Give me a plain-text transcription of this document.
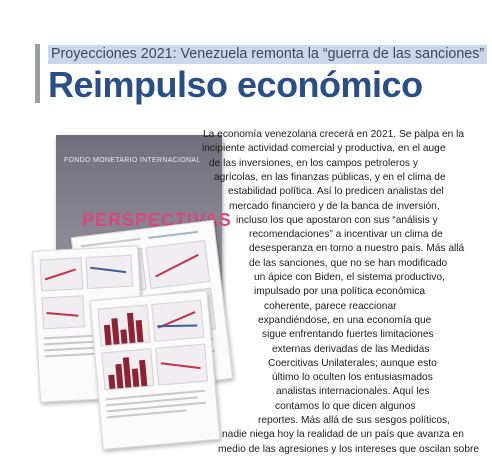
Proyecciones 2021: Venezuela remonta la “guerra de las sanciones”
Reimpulso económico
FONDO MONETARIO INTERNACIONAL
PERSPECTIVAS

La economía venezolana crecerá en 2021. Se palpa en la

incipiente actividad comercial y productiva, en el auge

de las inversiones, en los campos petroleros y

agrícolas, en las finanzas públicas, y en el clima de

estabilidad política. Así lo predicen analistas del

mercado financiero y de la banca de inversión,

incluso los que apostaron con sus “análisis y

recomendaciones” a incentivar un clima de

desesperanza en torno a nuestro país. Más allá

de las sanciones, que no se han modificado

un ápice con Biden, el sistema productivo,

impulsado por una política económica

coherente, parece reaccionar

expandiéndose, en una economía que

sigue enfrentando fuertes limitaciones

externas derivadas de las Medidas

Coercitivas Unilaterales; aunque esto

último lo oculten los entusiasmados

analistas internacionales. Aquí les

contamos lo que dicen algunos

reportes. Más allá de sus sesgos políticos,

nadie niega hoy la realidad de un país que avanza en

medio de las agresiones y los intereses que oscilan sobre
